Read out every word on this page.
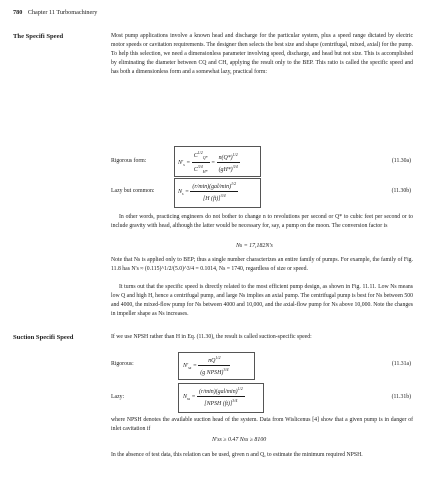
780 Chapter 11 Turbomachinery
The Specifi Speed	Most pump applications involve a known head and discharge for the particular system, plus a speed range dictated by electric motor speeds or cavitation requirements. The designer then selects the best size and shape (centrifugal, mixed, axial) for the pump. To help this selection, we need a dimensionless parameter involving speed, discharge, and head but not size. This is accomplished by eliminating the diameter between CQ and CH, applying the result only to the BEP. This ratio is called the specific speed and has both a dimensionless form and a somewhat lazy, practical form:

Rigorous form:	$N'_s = \frac{C^{1/2}_{Q*}}{C^{3/4}_{H*}} = \frac{n(Q*)^{1/2}}{(gH*)^{3/4}}$	(11.30a)
Lazy but common:	$N_s = \frac{(r/\min)(gal/\min)^{1/2}}{[H (ft)]^{3/4}}$	(11.30b)

In other words, practicing engineers do not bother to change n to revolutions per second or Q* to cubic feet per second or to include gravity with head, although the latter would be necessary for, say, a pump on the moon. The conversion factor is

Ns = 17,182N's

Note that Ns is applied only to BEP; thus a single number characterizes an entire family of pumps. For example, the family of Fig. 11.8 has N's ≈ (0.115)^1/2/(5.0)^3/4 = 0.1014, Ns = 1740, regardless of size or speed.

It turns out that the specific speed is directly related to the most efficient pump design, as shown in Fig. 11.11. Low Ns means low Q and high H, hence a centrifugal pump, and large Ns implies an axial pump. The centrifugal pump is best for Ns between 500 and 4000, the mixed-flow pump for Ns between 4000 and 10,000, and the axial-flow pump for Ns above 10,000. Note the changes in impeller shape as Ns increases.

Suction Specifi Speed	If we use NPSH rather than H in Eq. (11.30), the result is called suction-specific speed:

Rigorous:	$N'_{ss} = \frac{nQ^{1/2}}{(g NPSH)^{3/4}}$	(11.31a)
Lazy:	$N_{ss} = \frac{(r/\min)(gal/\min)^{1/2}}{[NPSH (ft)]^{3/4}}$	(11.31b)

where NPSH denotes the available suction head of the system. Data from Wislicenus [4] show that a given pump is in danger of inlet cavitation if

N'ss ≥ 0.47 Nss ≥ 8100

In the absence of test data, this relation can be used, given n and Q, to estimate the minimum required NPSH.
